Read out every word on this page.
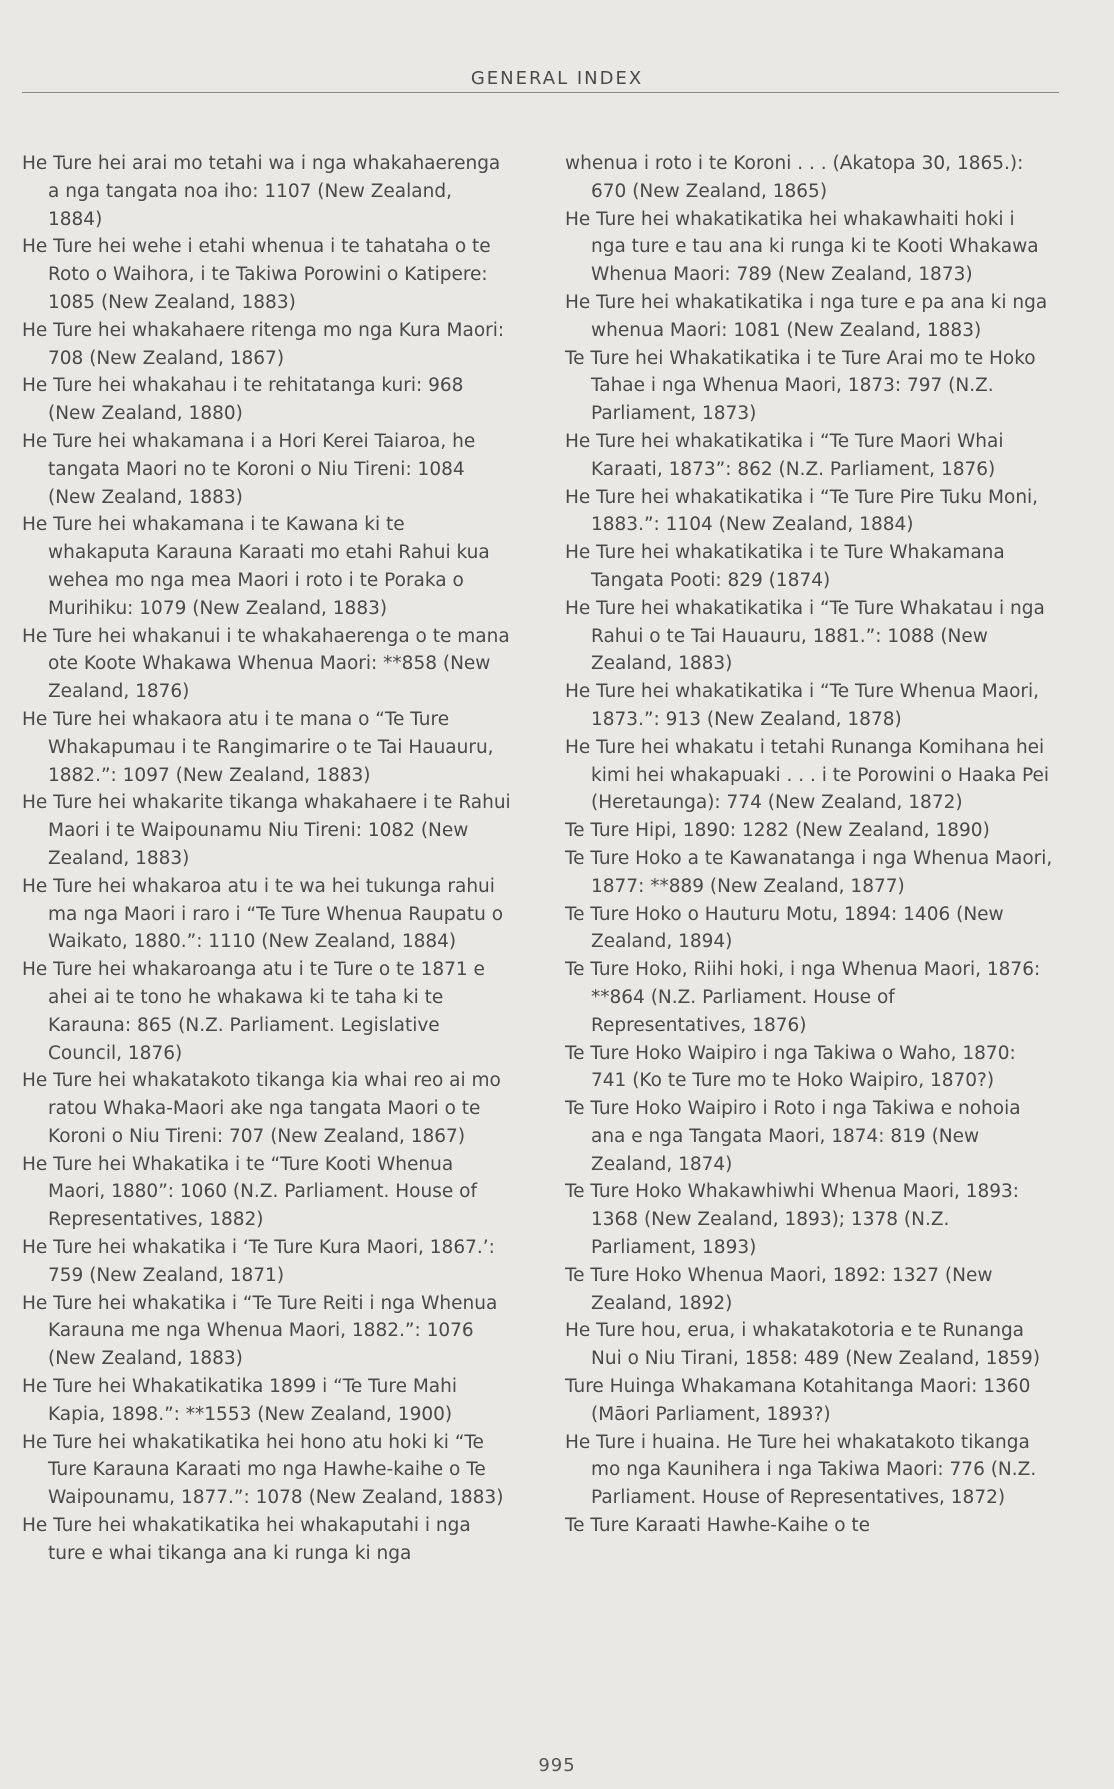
GENERAL INDEX

He Ture hei arai mo tetahi wa i nga whakahaerenga a nga tangata noa iho: 1107 (New Zealand, 1884)

He Ture hei wehe i etahi whenua i te tahataha o te Roto o Waihora, i te Takiwa Porowini o Katipere: 1085 (New Zealand, 1883)

He Ture hei whakahaere ritenga mo nga Kura Maori: 708 (New Zealand, 1867)

He Ture hei whakahau i te rehitatanga kuri: 968 (New Zealand, 1880)

He Ture hei whakamana i a Hori Kerei Taiaroa, he tangata Maori no te Koroni o Niu Tireni: 1084 (New Zealand, 1883)

He Ture hei whakamana i te Kawana ki te whakaputa Karauna Karaati mo etahi Rahui kua wehea mo nga mea Maori i roto i te Poraka o Murihiku: 1079 (New Zealand, 1883)

He Ture hei whakanui i te whakahaerenga o te mana ote Koote Whakawa Whenua Maori: **858 (New Zealand, 1876)

He Ture hei whakaora atu i te mana o “Te Ture Whakapumau i te Rangimarire o te Tai Hauauru, 1882.”: 1097 (New Zealand, 1883)

He Ture hei whakarite tikanga whakahaere i te Rahui Maori i te Waipounamu Niu Tireni: 1082 (New Zealand, 1883)

He Ture hei whakaroa atu i te wa hei tukunga rahui ma nga Maori i raro i “Te Ture Whenua Raupatu o Waikato, 1880.”: 1110 (New Zealand, 1884)

He Ture hei whakaroanga atu i te Ture o te 1871 e ahei ai te tono he whakawa ki te taha ki te Karauna: 865 (N.Z. Parliament. Legislative Council, 1876)

He Ture hei whakatakoto tikanga kia whai reo ai mo ratou Whaka-Maori ake nga tangata Maori o te Koroni o Niu Tireni: 707 (New Zealand, 1867)

He Ture hei Whakatika i te “Ture Kooti Whenua Maori, 1880”: 1060 (N.Z. Parliament. House of Representatives, 1882)

He Ture hei whakatika i ‘Te Ture Kura Maori, 1867.’: 759 (New Zealand, 1871)

He Ture hei whakatika i “Te Ture Reiti i nga Whenua Karauna me nga Whenua Maori, 1882.”: 1076 (New Zealand, 1883)

He Ture hei Whakatikatika 1899 i “Te Ture Mahi Kapia, 1898.”: **1553 (New Zealand, 1900)

He Ture hei whakatikatika hei hono atu hoki ki “Te Ture Karauna Karaati mo nga Hawhe-kaihe o Te Waipounamu, 1877.”: 1078 (New Zealand, 1883)

He Ture hei whakatikatika hei whakaputahi i nga ture e whai tikanga ana ki runga ki nga

whenua i roto i te Koroni . . . (Akatopa 30, 1865.): 670 (New Zealand, 1865)

He Ture hei whakatikatika hei whakawhaiti hoki i nga ture e tau ana ki runga ki te Kooti Whakawa Whenua Maori: 789 (New Zealand, 1873)

He Ture hei whakatikatika i nga ture e pa ana ki nga whenua Maori: 1081 (New Zealand, 1883)

Te Ture hei Whakatikatika i te Ture Arai mo te Hoko Tahae i nga Whenua Maori, 1873: 797 (N.Z. Parliament, 1873)

He Ture hei whakatikatika i “Te Ture Maori Whai Karaati, 1873”: 862 (N.Z. Parliament, 1876)

He Ture hei whakatikatika i “Te Ture Pire Tuku Moni, 1883.”: 1104 (New Zealand, 1884)

He Ture hei whakatikatika i te Ture Whakamana Tangata Pooti: 829 (1874)

He Ture hei whakatikatika i “Te Ture Whakatau i nga Rahui o te Tai Hauauru, 1881.”: 1088 (New Zealand, 1883)

He Ture hei whakatikatika i “Te Ture Whenua Maori, 1873.”: 913 (New Zealand, 1878)

He Ture hei whakatu i tetahi Runanga Komihana hei kimi hei whakapuaki . . . i te Porowini o Haaka Pei (Heretaunga): 774 (New Zealand, 1872)

Te Ture Hipi, 1890: 1282 (New Zealand, 1890)

Te Ture Hoko a te Kawanatanga i nga Whenua Maori, 1877: **889 (New Zealand, 1877)

Te Ture Hoko o Hauturu Motu, 1894: 1406 (New Zealand, 1894)

Te Ture Hoko, Riihi hoki, i nga Whenua Maori, 1876: **864 (N.Z. Parliament. House of Representatives, 1876)

Te Ture Hoko Waipiro i nga Takiwa o Waho, 1870: 741 (Ko te Ture mo te Hoko Waipiro, 1870?)

Te Ture Hoko Waipiro i Roto i nga Takiwa e nohoia ana e nga Tangata Maori, 1874: 819 (New Zealand, 1874)

Te Ture Hoko Whakawhiwhi Whenua Maori, 1893: 1368 (New Zealand, 1893); 1378 (N.Z. Parliament, 1893)

Te Ture Hoko Whenua Maori, 1892: 1327 (New Zealand, 1892)

He Ture hou, erua, i whakatakotoria e te Runanga Nui o Niu Tirani, 1858: 489 (New Zealand, 1859)

Ture Huinga Whakamana Kotahitanga Maori: 1360 (Māori Parliament, 1893?)

He Ture i huaina. He Ture hei whakatakoto tikanga mo nga Kaunihera i nga Takiwa Maori: 776 (N.Z. Parliament. House of Representatives, 1872)

Te Ture Karaati Hawhe-Kaihe o te

995
